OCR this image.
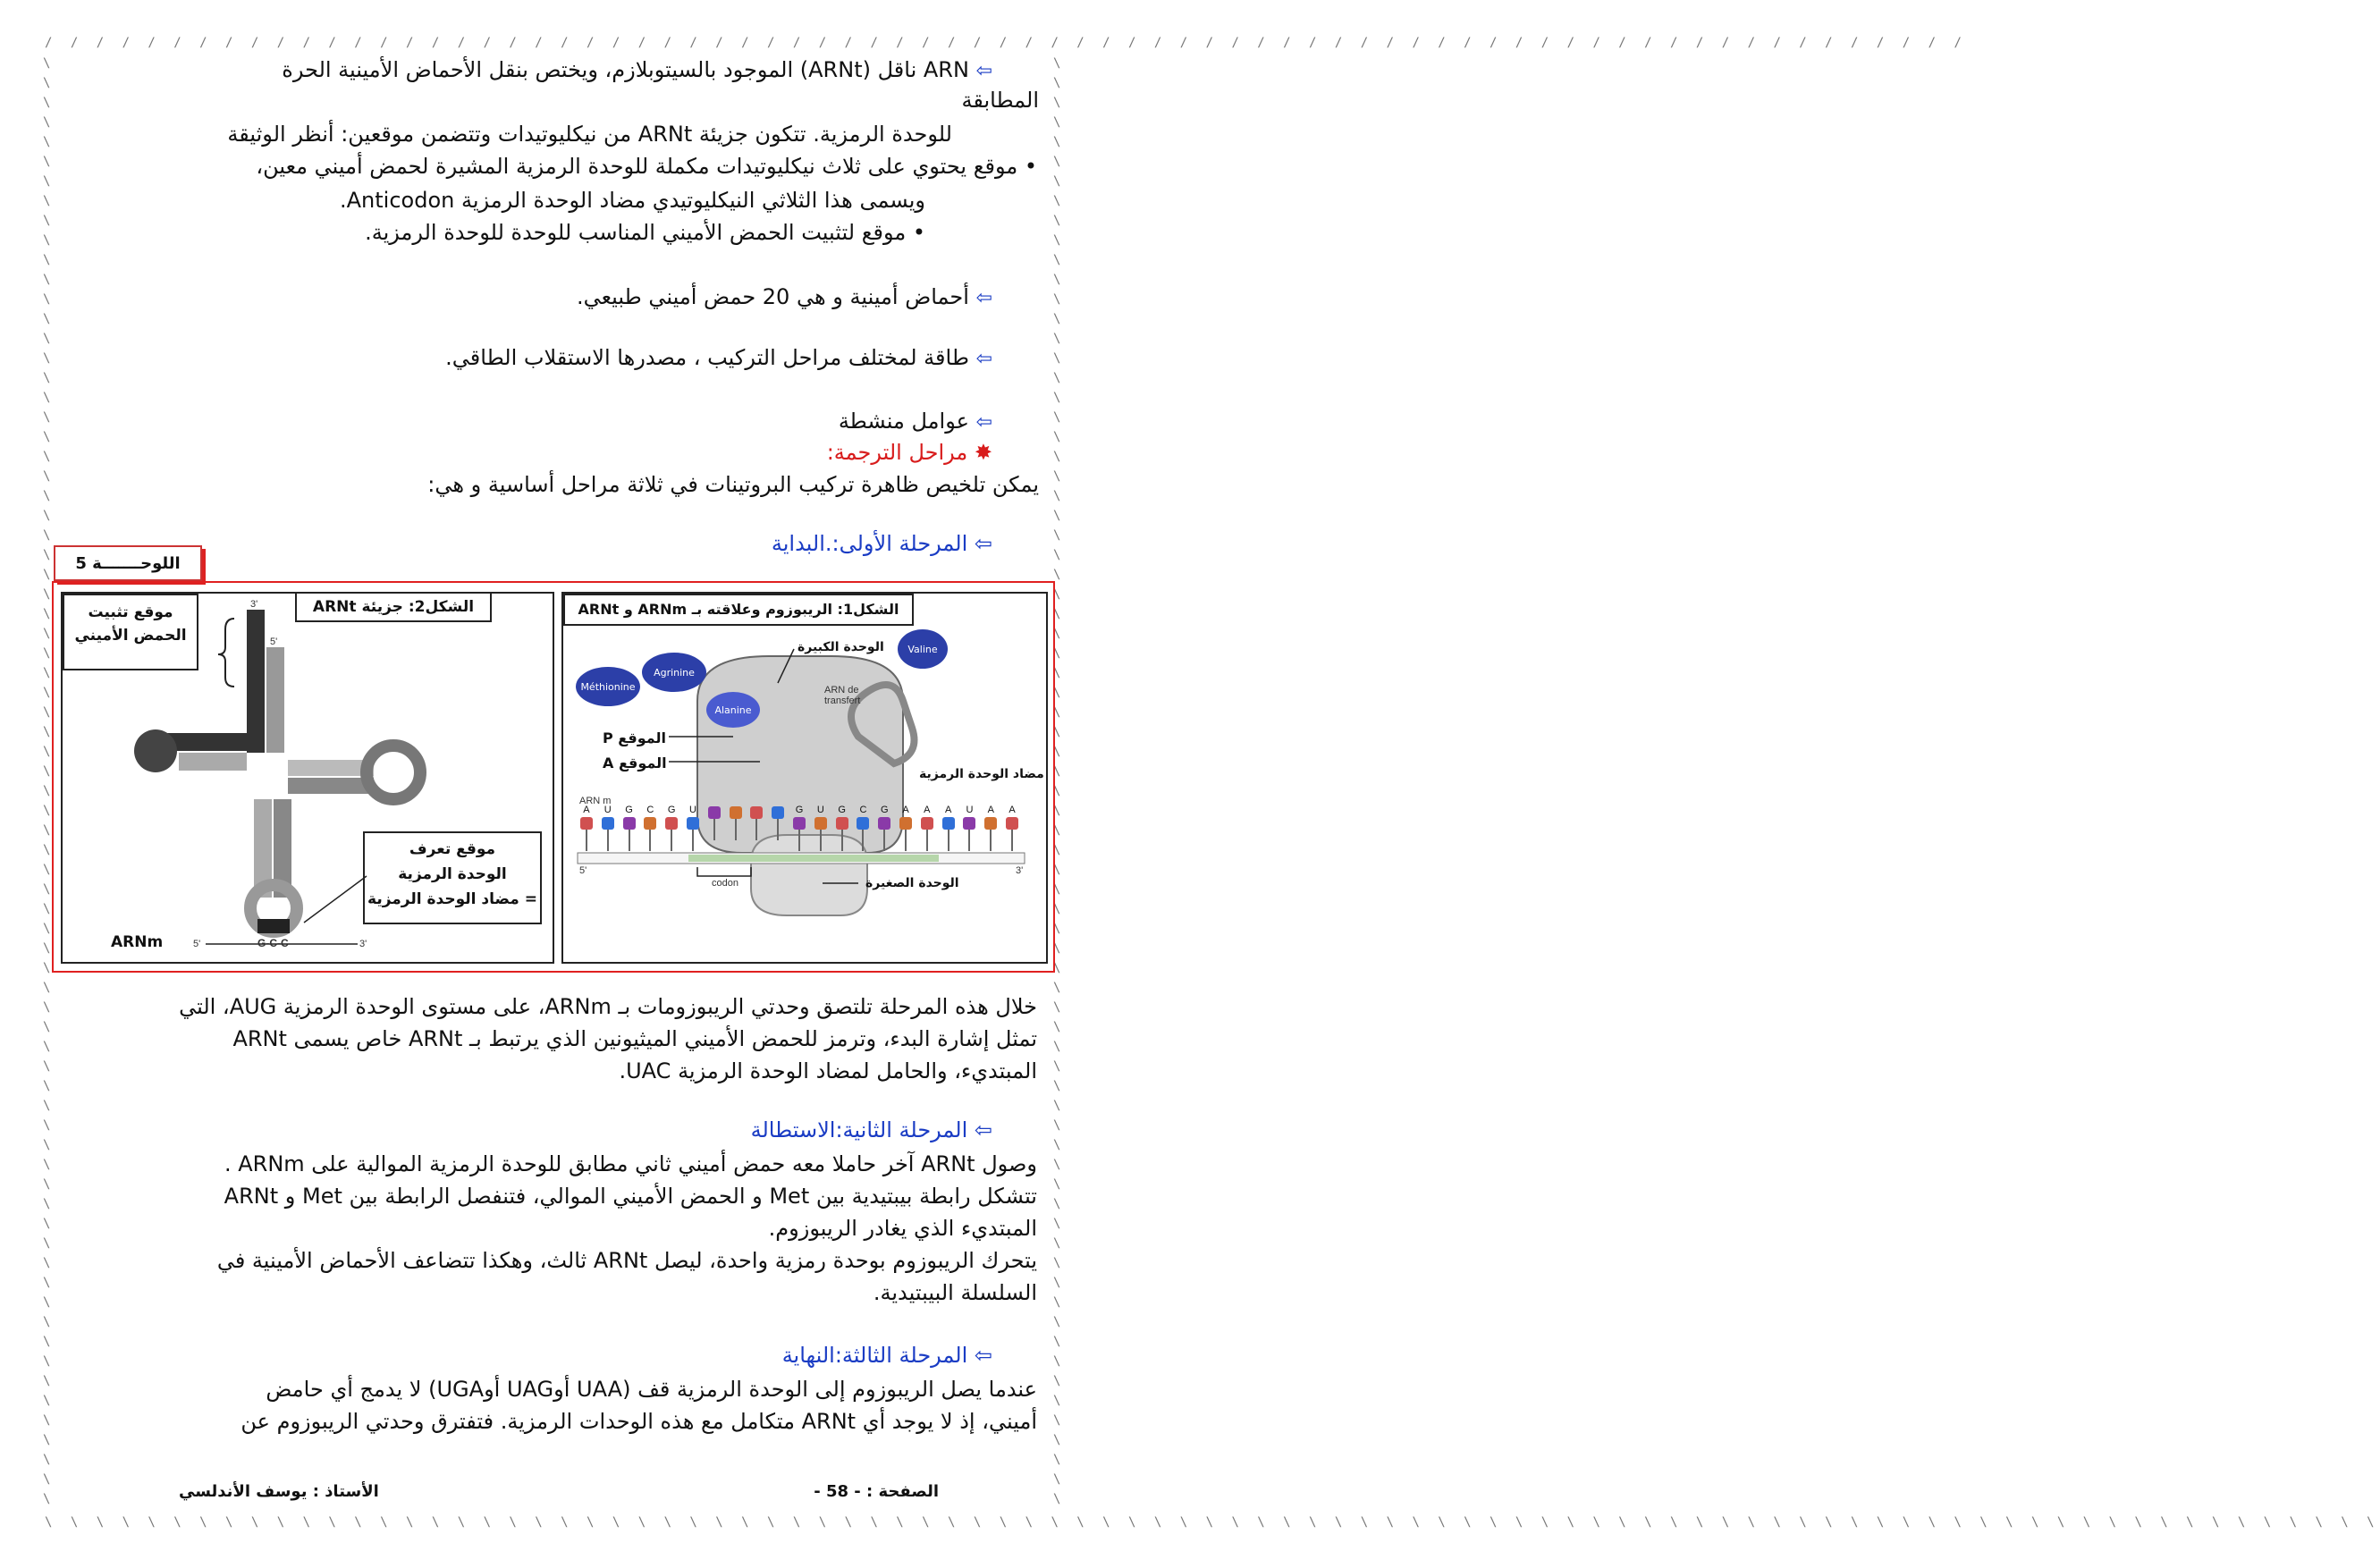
/ / / / / / / / / / / / / / / / / / / / / / / / / / / / / / / / / / / / / / / / / / / / / / / / / / / / / / / / / / / / / / / / / / / / / / / / / / /
\ \ \ \ \ \ \ \ \ \ \ \ \ \ \ \ \ \ \ \ \ \ \ \ \ \ \ \ \ \ \ \ \ \ \ \ \ \ \ \ \ \ \ \ \ \ \ \ \ \ \ \ \ \ \ \ \ \ \ \ \ \ \ \ \ \ \ \ \ \ \ \ \ \ \ \ \ \ \ \ \ \ \ \ \ \ \ \ \ \ \
\
\
\
\
\
\
\
\
\
\
\
\
\
\
\
\
\
\
\
\
\
\
\
\
\
\
\
\
\
\
\
\
\
\
\
\
\
\
\
\
\
\
\
\
\
\
\
\
\
\
\
\
\
\
\
\
\
\
\
\
\
\
\
\
\
\
\
\
\
\
\
\
\
\
\
\
\
\
\
\
\
\
\
\
\
\
\
\
\
\
\
\
\
\
\
\
\
\
\
\
\
\
\
\
\
\
\
\
\
\
\
\
\
\
\
\
\
\
\
\
\
\
\
\
\
\
\
\
\
\
\
\
\
\
\
\
\
\
\
\
\
\
\
\
\
\
\
\
⇦ ARN ناقل (ARNt) الموجود بالسيتوبلازم، ويختص بنقل الأحماض الأمينية الحرة
المطابقة
للوحدة الرمزية. تتكون جزيئة ARNt من نيكليوتيدات وتتضمن موقعين: أنظر الوثيقة
• موقع يحتوي على ثلاث نيكليوتيدات مكملة للوحدة الرمزية المشيرة لحمض أميني معين،
ويسمى هذا الثلاثي النيكليوتيدي مضاد الوحدة الرمزية Anticodon.
• موقع لتثبيت الحمض الأميني المناسب للوحدة للوحدة الرمزية.
⇦ أحماض أمينية و هي 20 حمض أميني طبيعي.
⇦ طاقة لمختلف مراحل التركيب ، مصدرها الاستقلاب الطاقي.
⇦ عوامل منشطة
✸ مراحل الترجمة:
يمكن تلخيص ظاهرة تركيب البروتينات في ثلاثة مراحل أساسية و هي:
⇦ المرحلة الأولى:.البداية
اللوحـــــــة 5
الشكل2: جزيئة ARNt
موقع تثبيت
الحمض الأميني
موقع تعرف
الوحدة الرمزية
= مضاد الوحدة الرمزية
3'
5'
5'	3'
G-C-C
ARNm
الشكل1: الريبوزوم وعلاقته بـ ARNm و ARNt
Méthionine
Agrinine
Alanine
Valine
الوحدة الكبيرة
ARN de transfert
الموقع P
الموقع A
مضاد الوحدة الرمزية
ARN m
5'	3'
codon	الوحدة الصغيرة
A	U	G	C	G	U	G	U	G	C	G	A	A	A	U	A	A
خلال هذه المرحلة تلتصق وحدتي الريبوزومات بـ ARNm، على مستوى الوحدة الرمزية AUG، التي
تمثل إشارة البدء، وترمز للحمض الأميني الميثيونين الذي يرتبط بـ ARNt خاص يسمى ARNt
المبتديء، والحامل لمضاد الوحدة الرمزية UAC.
⇦ المرحلة الثانية:الاستطالة
وصول ARNt آخر حاملا معه حمض أميني ثاني مطابق للوحدة الرمزية الموالية على ARNm .
تتشكل رابطة بيبتيدية بين Met و الحمض الأميني الموالي، فتنفصل الرابطة بين Met و ARNt
المبتديء الذي يغادر الريبوزوم.
يتحرك الريبوزوم بوحدة رمزية واحدة، ليصل ARNt ثالث، وهكذا تتضاعف الأحماض الأمينية في
السلسلة البيبتيدية.
⇦ المرحلة الثالثة:النهاية
عندما يصل الريبوزوم إلى الوحدة الرمزية قف (UAA أوUAG أوUGA) لا يدمج أي حامض
أميني، إذ لا يوجد أي ARNt متكامل مع هذه الوحدات الرمزية. فتفترق وحدتي الريبوزوم عن
الصفحة : - 58 -
الأستاذ : يوسف الأندلسي
